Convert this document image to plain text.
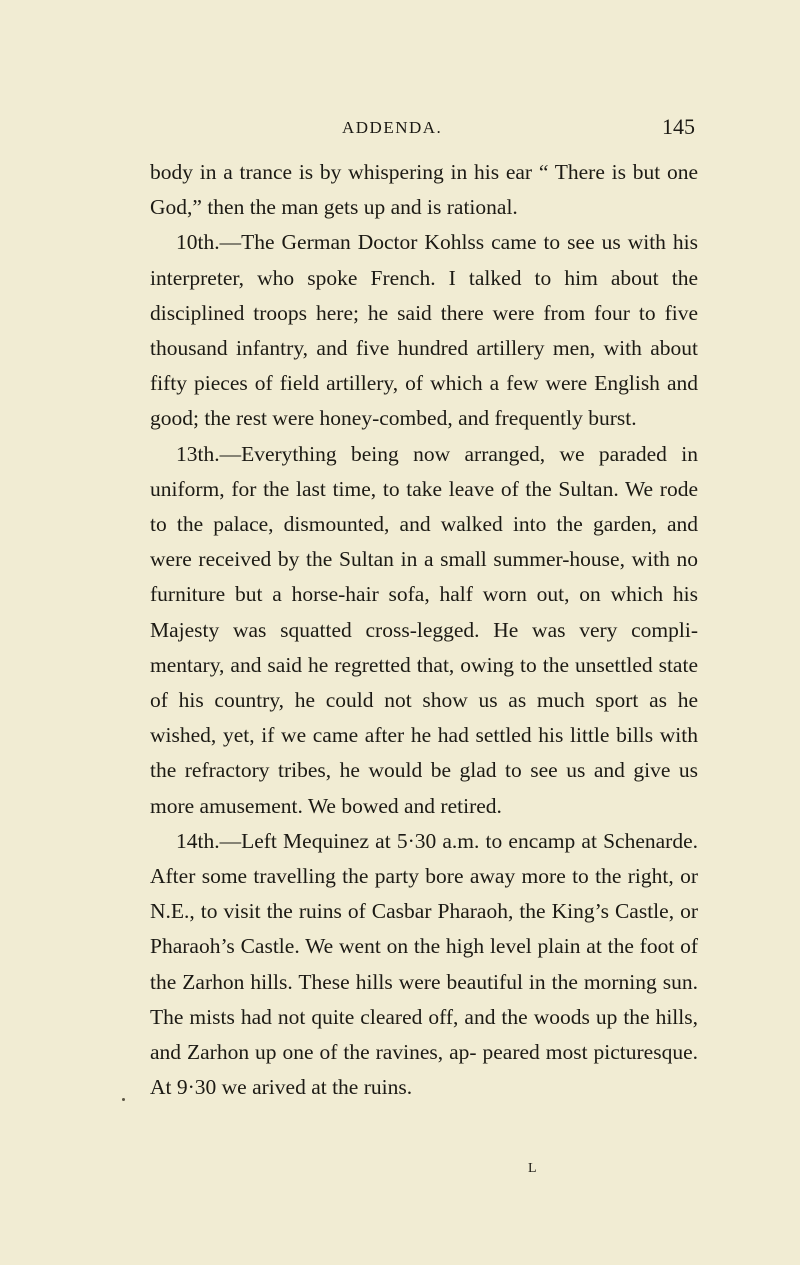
ADDENDA.	145

body in a trance is by whispering in his ear “ There is but one God,” then the man gets up and is rational.

10th.—The German Doctor Kohlss came to see us with his interpreter, who spoke French. I talked to him about the disciplined troops here; he said there were from four to five thousand infantry, and five hundred artillery men, with about fifty pieces of field artillery, of which a few were English and good; the rest were honey-combed, and frequently burst.

13th.—Everything being now arranged, we paraded in uniform, for the last time, to take leave of the Sultan. We rode to the palace, dismounted, and walked into the garden, and were received by the Sultan in a small summer-house, with no furniture but a horse-hair sofa, half worn out, on which his Majesty was squatted cross-legged. He was very compli- mentary, and said he regretted that, owing to the unsettled state of his country, he could not show us as much sport as he wished, yet, if we came after he had settled his little bills with the refractory tribes, he would be glad to see us and give us more amusement. We bowed and retired.

14th.—Left Mequinez at 5·30 a.m. to encamp at Schenarde. After some travelling the party bore away more to the right, or N.E., to visit the ruins of Casbar Pharaoh, the King’s Castle, or Pharaoh’s Castle. We went on the high level plain at the foot of the Zarhon hills. These hills were beautiful in the morning sun. The mists had not quite cleared off, and the woods up the hills, and Zarhon up one of the ravines, ap- peared most picturesque. At 9·30 we arived at the ruins.

L
